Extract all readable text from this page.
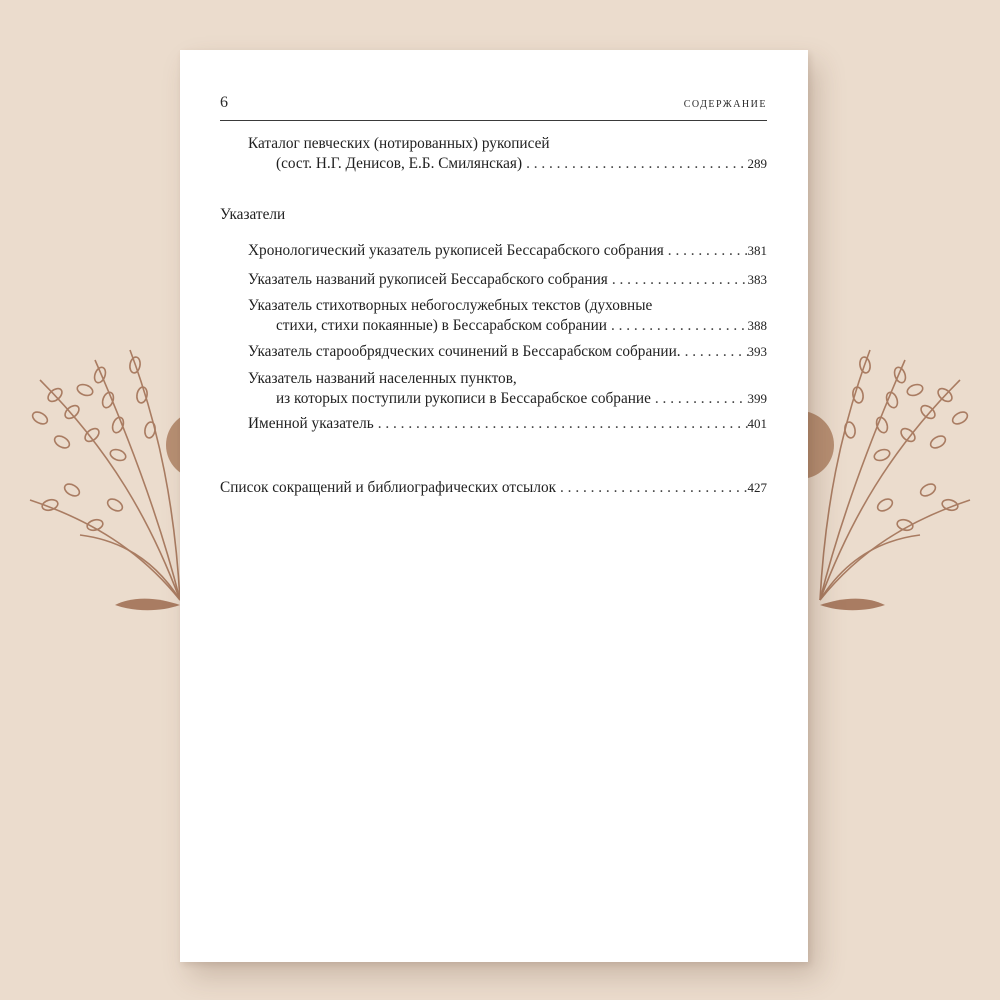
6	СОДЕРЖАНИЕ
Каталог певческих (нотированных) рукописей
(сост. Н.Г. Денисов, Е.Б. Смилянская) . . .	289
Указатели
Хронологический указатель рукописей Бессарабского собрания . . .	381
Указатель названий рукописей Бессарабского собрания . . .	383
Указатель стихотворных небогослужебных текстов (духовные
стихи, стихи покаянные) в Бессарабском собрании . . .	388
Указатель старообрядческих сочинений в Бессарабском собрании. . . .	393
Указатель названий населенных пунктов,
из которых поступили рукописи в Бессарабское собрание . . .	399
Именной указатель . . .	401
Список сокращений и библиографических отсылок . . .	427
